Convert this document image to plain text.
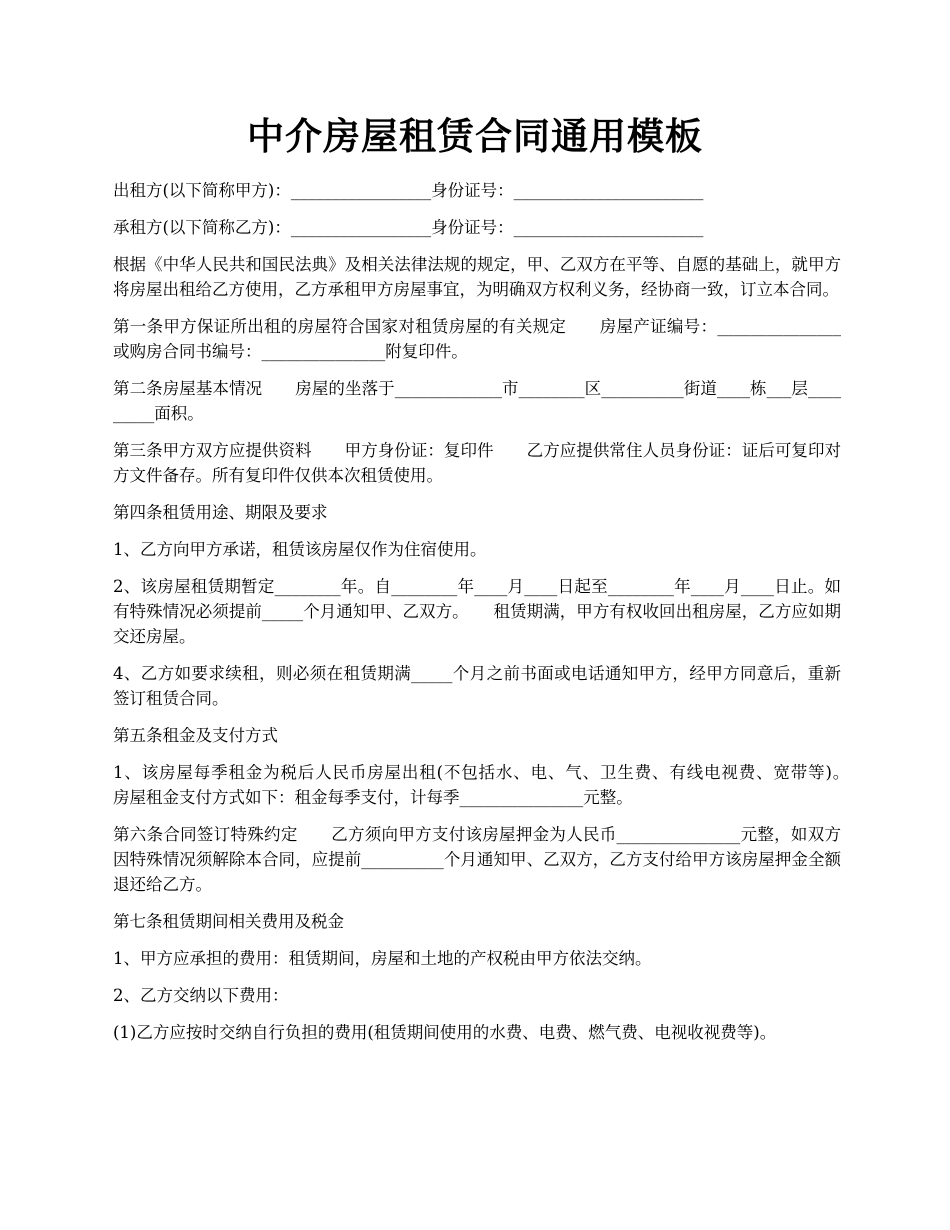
中介房屋租赁合同通用模板

出租方(以下简称甲方)：_________________身份证号：_______________________

承租方(以下简称乙方)：_________________身份证号：_______________________

根据《中华人民共和国民法典》及相关法律法规的规定，甲、乙双方在平等、自愿的基础上，就甲方将房屋出租给乙方使用，乙方承租甲方房屋事宜，为明确双方权利义务，经协商一致，订立本合同。

第一条甲方保证所出租的房屋符合国家对租赁房屋的有关规定　　房屋产证编号：_______________或购房合同书编号：_______________附复印件。

第二条房屋基本情况　　房屋的坐落于_____________市________区__________街道____栋___层_________面积。

第三条甲方双方应提供资料　　甲方身份证：复印件　　乙方应提供常住人员身份证：证后可复印对方文件备存。所有复印件仅供本次租赁使用。

第四条租赁用途、期限及要求

1、乙方向甲方承诺，租赁该房屋仅作为住宿使用。

2、该房屋租赁期暂定________年。自________年____月____日起至________年____月____日止。如有特殊情况必须提前_____个月通知甲、乙双方。　　租赁期满，甲方有权收回出租房屋，乙方应如期交还房屋。

4、乙方如要求续租，则必须在租赁期满_____个月之前书面或电话通知甲方，经甲方同意后，重新签订租赁合同。

第五条租金及支付方式

1、该房屋每季租金为税后人民币房屋出租(不包括水、电、气、卫生费、有线电视费、宽带等)。　　房屋租金支付方式如下：租金每季支付，计每季_______________元整。

第六条合同签订特殊约定　　乙方须向甲方支付该房屋押金为人民币_______________元整，如双方因特殊情况须解除本合同，应提前__________个月通知甲、乙双方，乙方支付给甲方该房屋押金全额退还给乙方。

第七条租赁期间相关费用及税金

1、甲方应承担的费用：租赁期间，房屋和土地的产权税由甲方依法交纳。

2、乙方交纳以下费用：

(1)乙方应按时交纳自行负担的费用(租赁期间使用的水费、电费、燃气费、电视收视费等)。
